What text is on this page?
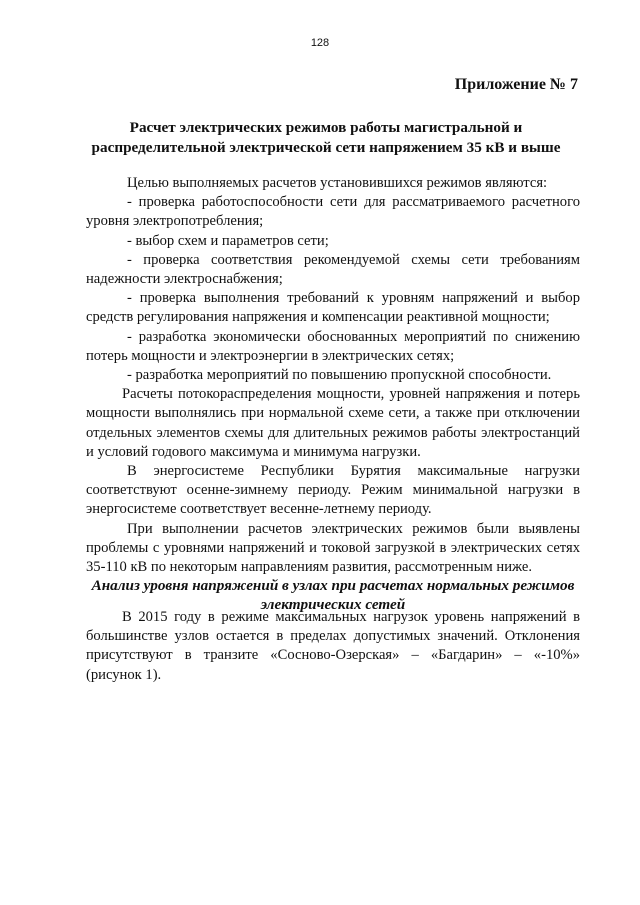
128
Приложение № 7
Расчет электрических режимов работы магистральной и распределительной электрической сети напряжением 35 кВ и выше

Целью выполняемых расчетов установившихся режимов являются:

- проверка работоспособности сети для рассматриваемого расчетного уровня электропотребления;

- выбор схем и параметров сети;

- проверка соответствия рекомендуемой схемы сети требованиям надежности электроснабжения;

- проверка выполнения требований к уровням напряжений и выбор средств регулирования напряжения и компенсации реактивной мощности;

- разработка экономически обоснованных мероприятий по снижению потерь мощности и электроэнергии в электрических сетях;

- разработка мероприятий по повышению пропускной способности.

Расчеты потокораспределения мощности, уровней напряжения и потерь мощности выполнялись при нормальной схеме сети, а также при отключении отдельных элементов схемы для длительных режимов работы электростанций и условий годового максимума и минимума нагрузки.

В энергосистеме Республики Бурятия максимальные нагрузки соответствуют осенне-зимнему периоду. Режим минимальной нагрузки в энергосистеме соответствует весенне-летнему периоду.

При выполнении расчетов электрических режимов были выявлены проблемы с уровнями напряжений и токовой загрузкой в электрических сетях 35-110 кВ по некоторым направлениям развития, рассмотренным ниже.

Анализ уровня напряжений в узлах при расчетах нормальных режимов электрических сетей

В 2015 году в режиме максимальных нагрузок уровень напряжений в большинстве узлов остается в пределах допустимых значений. Отклонения присутствуют в транзите «Сосново-Озерская» – «Багдарин» – «-10%» (рисунок 1).
